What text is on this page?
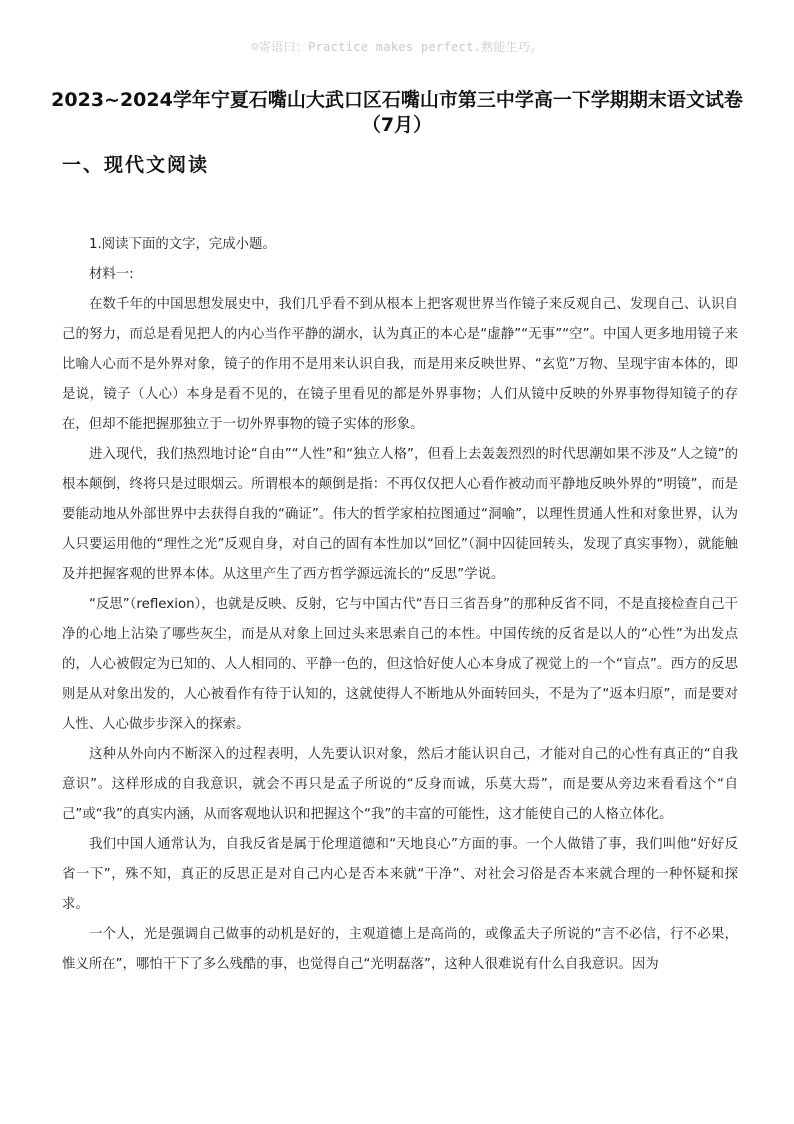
☺寄语曰：Practice makes perfect.熟能生巧。
2023~2024学年宁夏石嘴山大武口区石嘴山市第三中学高一下学期期末语文试卷（7月）
一、现代文阅读

1.阅读下面的文字，完成小题。

材料一:

在数千年的中国思想发展史中，我们几乎看不到从根本上把客观世界当作镜子来反观自己、发现自己、认识自己的努力，而总是看见把人的内心当作平静的湖水，认为真正的本心是“虚静”“无事”“空”。中国人更多地用镜子来比喻人心而不是外界对象，镜子的作用不是用来认识自我，而是用来反映世界、“玄览”万物、呈现宇宙本体的，即是说，镜子（人心）本身是看不见的，在镜子里看见的都是外界事物；人们从镜中反映的外界事物得知镜子的存在，但却不能把握那独立于一切外界事物的镜子实体的形象。

进入现代，我们热烈地讨论“自由”“人性”和“独立人格”，但看上去轰轰烈烈的时代思潮如果不涉及“人之镜”的根本颠倒，终将只是过眼烟云。所谓根本的颠倒是指：不再仅仅把人心看作被动而平静地反映外界的“明镜”，而是要能动地从外部世界中去获得自我的“确证”。伟大的哲学家柏拉图通过“洞喻”，以理性贯通人性和对象世界，认为人只要运用他的“理性之光”反观自身，对自己的固有本性加以“回忆”（洞中囚徒回转头，发现了真实事物），就能触及并把握客观的世界本体。从这里产生了西方哲学源远流长的“反思”学说。

“反思”（reflexion），也就是反映、反射，它与中国古代“吾日三省吾身”的那种反省不同，不是直接检查自己干净的心地上沾染了哪些灰尘，而是从对象上回过头来思索自己的本性。中国传统的反省是以人的“心性”为出发点的，人心被假定为已知的、人人相同的、平静一色的，但这恰好使人心本身成了视觉上的一个“盲点”。西方的反思则是从对象出发的，人心被看作有待于认知的，这就使得人不断地从外面转回头，不是为了“返本归原”，而是要对人性、人心做步步深入的探索。

这种从外向内不断深入的过程表明，人先要认识对象，然后才能认识自己，才能对自己的心性有真正的“自我意识”。这样形成的自我意识，就会不再只是孟子所说的“反身而诚，乐莫大焉”，而是要从旁边来看看这个“自己”或“我”的真实内涵，从而客观地认识和把握这个“我”的丰富的可能性，这才能使自己的人格立体化。

我们中国人通常认为，自我反省是属于伦理道德和“天地良心”方面的事。一个人做错了事，我们叫他“好好反省一下”，殊不知，真正的反思正是对自己内心是否本来就“干净”、对社会习俗是否本来就合理的一种怀疑和探求。

一个人，光是强调自己做事的动机是好的，主观道德上是高尚的，或像孟夫子所说的“言不必信，行不必果，惟义所在”，哪怕干下了多么残酷的事，也觉得自己“光明磊落”，这种人很难说有什么自我意识。因为
